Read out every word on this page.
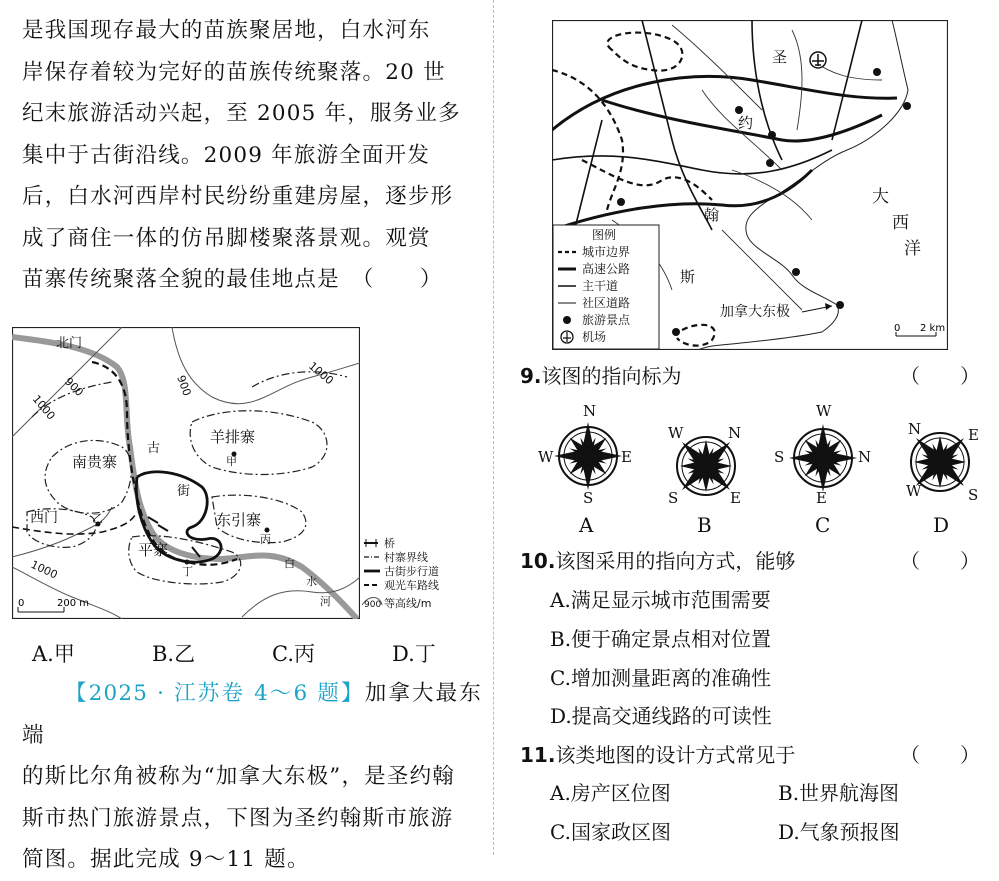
是我国现存最大的苗族聚居地，白水河东

岸保存着较为完好的苗族传统聚落。20 世

纪末旅游活动兴起，至 2005 年，服务业多

集中于古街沿线。2009 年旅游全面开发

后，白水河西岸村民纷纷重建房屋，逐步形

成了商住一体的仿吊脚楼聚落景观。观赏

苗寨传统聚落全貌的最佳地点是　（　　）

北门
南贵寨
羊排寨
西门	东引寨
平寨
古
街
甲
乙
丙
丁
白
水
河
1000
900	900	1000
1000
0	200 m
桥
村寨界线
古街步行道
观光车路线
900 等高线/m
A.甲	B.乙	C.丙	D.丁

【2025 · 江苏卷 4～6 题】加拿大最东端

的斯比尔角被称为“加拿大东极”，是圣约翰

斯市热门旅游景点，下图为圣约翰斯市旅游

简图。据此完成 9～11 题。

圣
约
翰
斯
大
西
洋
加拿大东极
0 2 km
图例
城市边界
高速公路
主干道
社区道路
旅游景点
机场
9.该图的指向标为	（　　）
N
E
S
W
N
W
S	E
W
N
E
S
N	E
S
W
A	B	C	D
10.该图采用的指向方式，能够	（　　）
A.满足显示城市范围需要
B.便于确定景点相对位置
C.增加测量距离的准确性
D.提高交通线路的可读性
11.该类地图的设计方式常见于	（　　）
A.房产区位图	B.世界航海图
C.国家政区图	D.气象预报图
